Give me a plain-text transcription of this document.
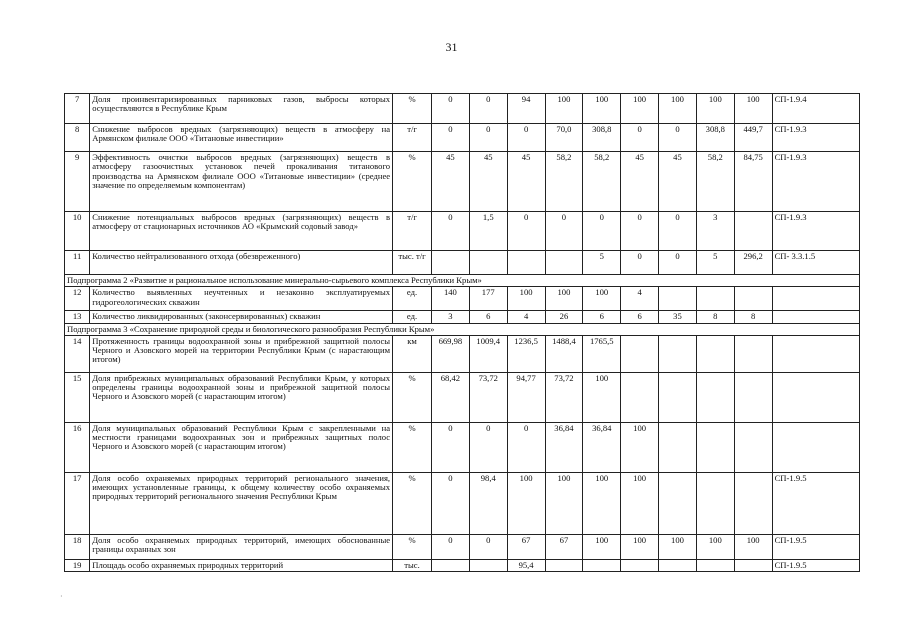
31
7	Доля проинвентаризированных парниковых газов, выбросы которых осуществляются в Республике Крым	%	0	0	94	100	100	100	100	100	100	СП-1.9.4
8	Снижение выбросов вредных (загрязняющих) веществ в атмосферу на Армянском филиале ООО «Титановые инвестиции»	т/г	0	0	0	70,0	308,8	0	0	308,8	449,7	СП-1.9.3
9	Эффективность очистки выбросов вредных (загрязняющих) веществ в атмосферу газоочистных установок печей прокаливания титанового производства на Армянском филиале ООО «Титановые инвестиции» (среднее значение по определяемым компонентам)	%	45	45	45	58,2	58,2	45	45	58,2	84,75	СП-1.9.3
10	Снижение потенциальных выбросов вредных (загрязняющих) веществ в атмосферу от стационарных источников АО «Крымский содовый завод»	т/г	0	1,5	0	0	0	0	0	3		СП-1.9.3
11	Количество нейтрализованного отхода (обезвреженного)	тыс. т/г					5	0	0	5	296,2	СП- 3.3.1.5
Подпрограмма 2 «Развитие и рациональное использование минерально-сырьевого комплекса Республики Крым»												
12	Количество выявленных неучтенных и незаконно эксплуатируемых гидрогеологических скважин	ед.	140	177	100	100	100	4				
13	Количество ликвидированных (законсервированных) скважин	ед.	3	6	4	26	6	6	35	8	8	
Подпрограмма 3 «Сохранение природной среды и биологического разнообразия Республики Крым»												
14	Протяженность границы водоохранной зоны и прибрежной защитной полосы Черного и Азовского морей на территории Республики Крым (с нарастающим итогом)	км	669,98	1009,4	1236,5	1488,4	1765,5					
15	Доля прибрежных муниципальных образований Республики Крым, у которых определены границы водоохранной зоны и прибрежной защитной полосы Черного и Азовского морей (с нарастающим итогом)	%	68,42	73,72	94,77	73,72	100					
16	Доля муниципальных образований Республики Крым с закрепленными на местности границами водоохранных зон и прибрежных защитных полос Черного и Азовского морей (с нарастающим итогом)	%	0	0	0	36,84	36,84	100				
17	Доля особо охраняемых природных территорий регионального значения, имеющих установленные границы, к общему количеству особо охраняемых природных территорий регионального значения Республики Крым	%	0	98,4	100	100	100	100				СП-1.9.5
18	Доля особо охраняемых природных территорий, имеющих обоснованные границы охранных зон	%	0	0	67	67	100	100	100	100	100	СП-1.9.5
19	Площадь особо охраняемых природных территорий	тыс.			95,4							СП-1.9.5
·
